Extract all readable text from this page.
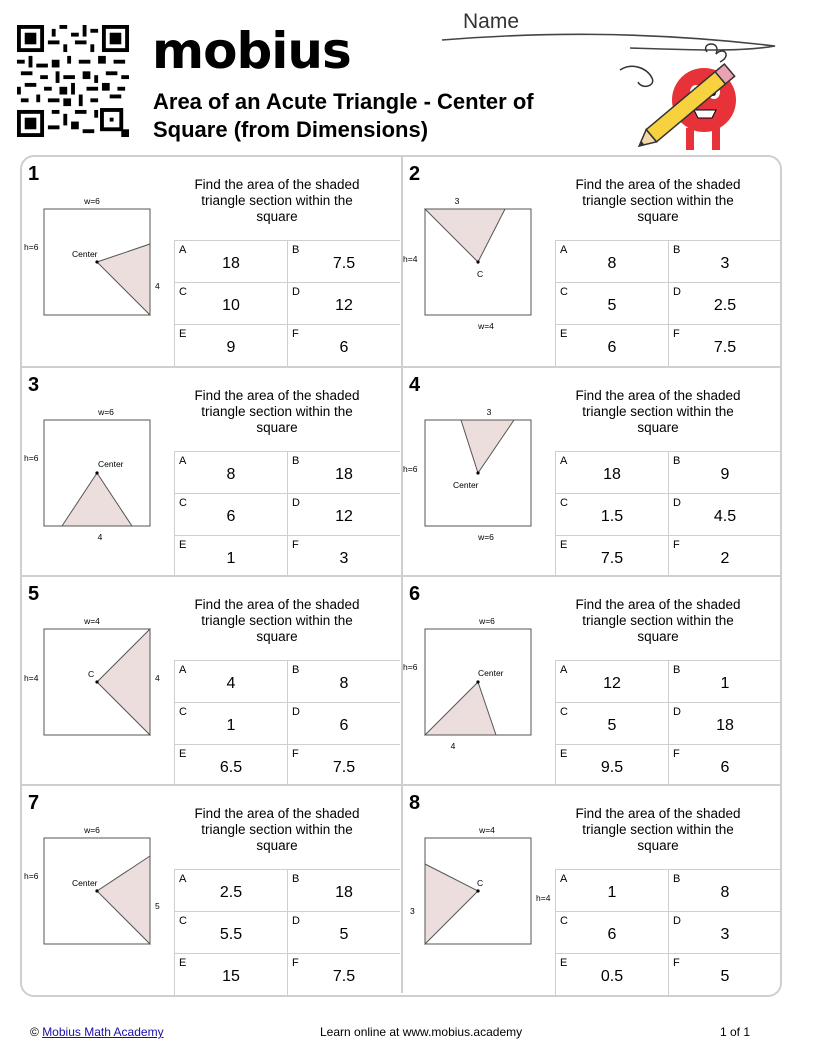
mobius
Area of an Acute Triangle - Center of Square (from Dimensions)
Name
1
w=6
h=6
Center
4
Find the area of the shaded triangle section within the square
A
18
B
7.5
C
10
D
12
E
9
F
6
2
3
h=4
C
w=4
Find the area of the shaded triangle section within the square
A
8
B
3
C
5
D
2.5
E
6
F
7.5
3
w=6
h=6
Center
4
Find the area of the shaded triangle section within the square
A
8
B
18
C
6
D
12
E
1
F
3
4
3
h=6
Center
w=6
Find the area of the shaded triangle section within the square
A
18
B
9
C
1.5
D
4.5
E
7.5
F
2
5
w=4
h=4	C	4
Find the area of the shaded triangle section within the square
A
4
B
8
C
1
D
6
E
6.5
F
7.5
6
w=6
h=6
Center
4
Find the area of the shaded triangle section within the square
A
12
B
1
C
5
D
18
E
9.5
F
6
7
w=6
h=6
Center
5
Find the area of the shaded triangle section within the square
A
2.5
B
18
C
5.5
D
5
E
15
F
7.5
8
w=4
h=4
C
3
Find the area of the shaded triangle section within the square
A
1
B
8
C
6
D
3
E
0.5
F
5
© Mobius Math Academy	Learn online at www.mobius.academy	1 of 1
